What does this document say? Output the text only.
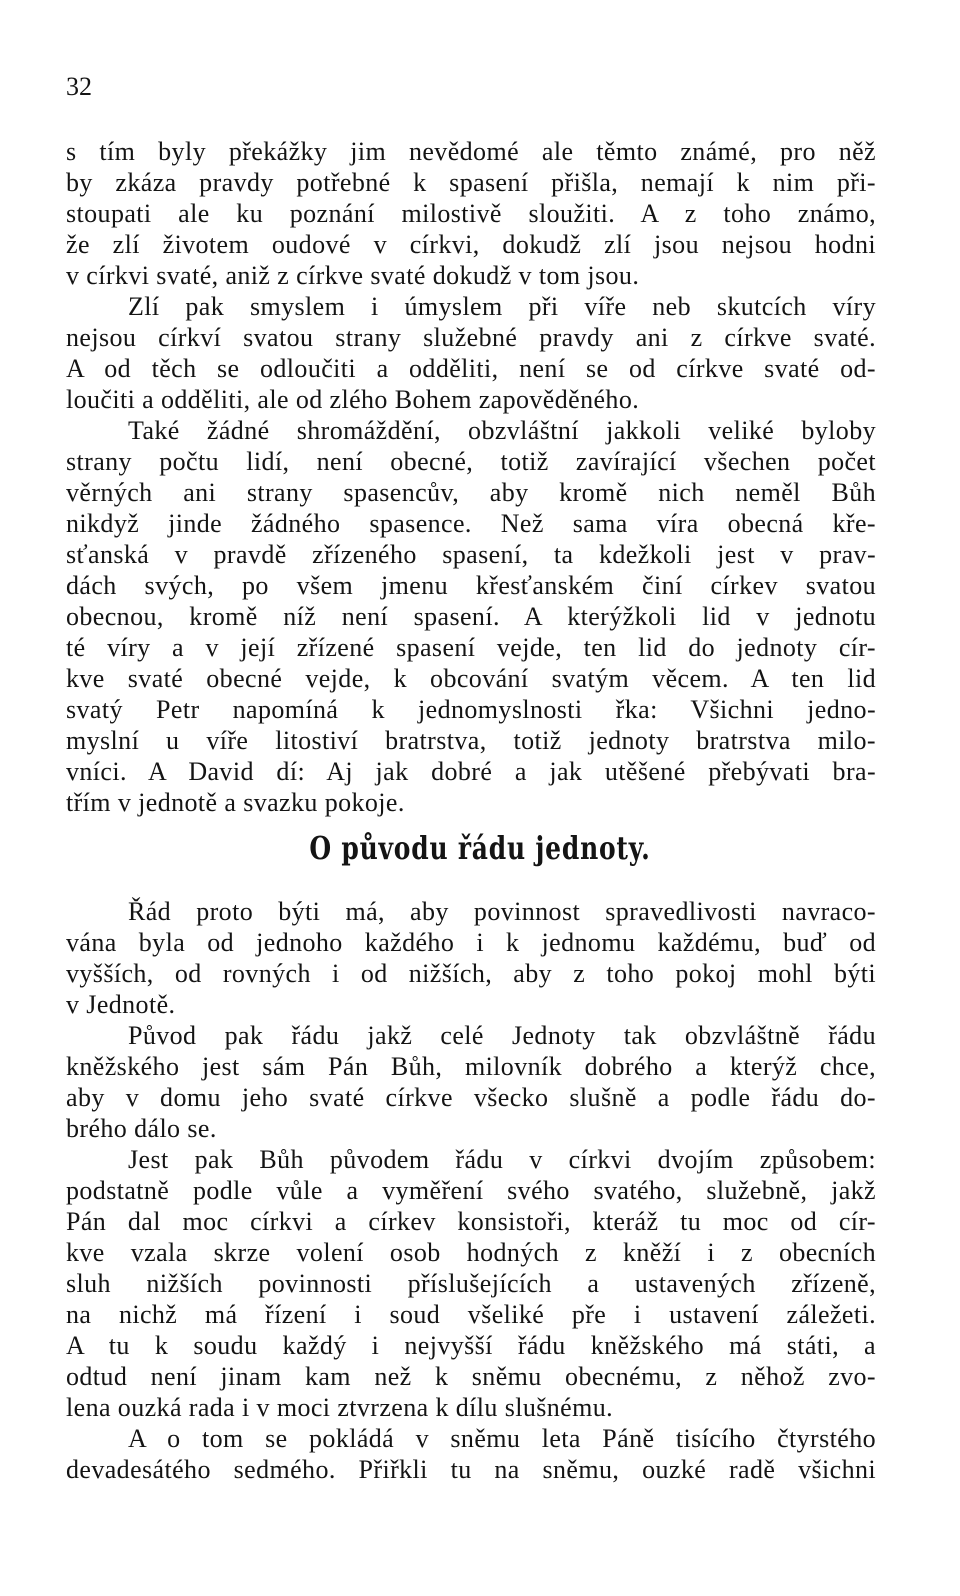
32
s tím byly překážky jim nevědomé ale těmto známé, pro něž
by zkáza pravdy potřebné k spasení přišla, nemají k nim při-
stoupati ale ku poznání milostivě sloužiti. A z toho známo,
že zlí životem oudové v církvi, dokudž zlí jsou nejsou hodni
v církvi svaté, aniž z církve svaté dokudž v tom jsou.
Zlí pak smyslem i úmyslem při víře neb skutcích víry
nejsou církví svatou strany služebné pravdy ani z církve svaté.
A od těch se odloučiti a odděliti, není se od církve svaté od-
loučiti a odděliti, ale od zlého Bohem zapověděného.
Také žádné shromáždění, obzvláštní jakkoli veliké byloby
strany počtu lidí, není obecné, totiž zavírající všechen počet
věrných ani strany spasencův, aby kromě nich neměl Bůh
nikdyž jinde žádného spasence. Než sama víra obecná kře-
sťanská v pravdě zřízeného spasení, ta kdežkoli jest v prav-
dách svých, po všem jmenu křesťanském činí církev svatou
obecnou, kromě níž není spasení. A kterýžkoli lid v jednotu
té víry a v její zřízené spasení vejde, ten lid do jednoty cír-
kve svaté obecné vejde, k obcování svatým věcem. A ten lid
svatý Petr napomíná k jednomyslnosti řka: Všichni jedno-
myslní u víře litostiví bratrstva, totiž jednoty bratrstva milo-
vníci. A David dí: Aj jak dobré a jak utěšené přebývati bra-
třím v jednotě a svazku pokoje.
O původu řádu jednoty.
Řád proto býti má, aby povinnost spravedlivosti navraco-
vána byla od jednoho každého i k jednomu každému, buď od
vyšších, od rovných i od nižších, aby z toho pokoj mohl býti
v Jednotě.
Původ pak řádu jakž celé Jednoty tak obzvláštně řádu
kněžského jest sám Pán Bůh, milovník dobrého a kterýž chce,
aby v domu jeho svaté církve všecko slušně a podle řádu do-
brého dálo se.
Jest pak Bůh původem řádu v církvi dvojím způsobem:
podstatně podle vůle a vyměření svého svatého, služebně, jakž
Pán dal moc církvi a církev konsistoři, kteráž tu moc od cír-
kve vzala skrze volení osob hodných z kněží i z obecních
sluh nižších povinnosti příslušejících a ustavených zřízeně,
na nichž má řízení i soud všeliké pře i ustavení záležeti.
A tu k soudu každý i nejvyšší řádu kněžského má státi, a
odtud není jinam kam než k sněmu obecnému, z něhož zvo-
lena ouzká rada i v moci ztvrzena k dílu slušnému.
A o tom se pokládá v sněmu leta Páně tisícího čtyrstého
devadesátého sedmého. Přiřkli tu na sněmu, ouzké radě všichni
